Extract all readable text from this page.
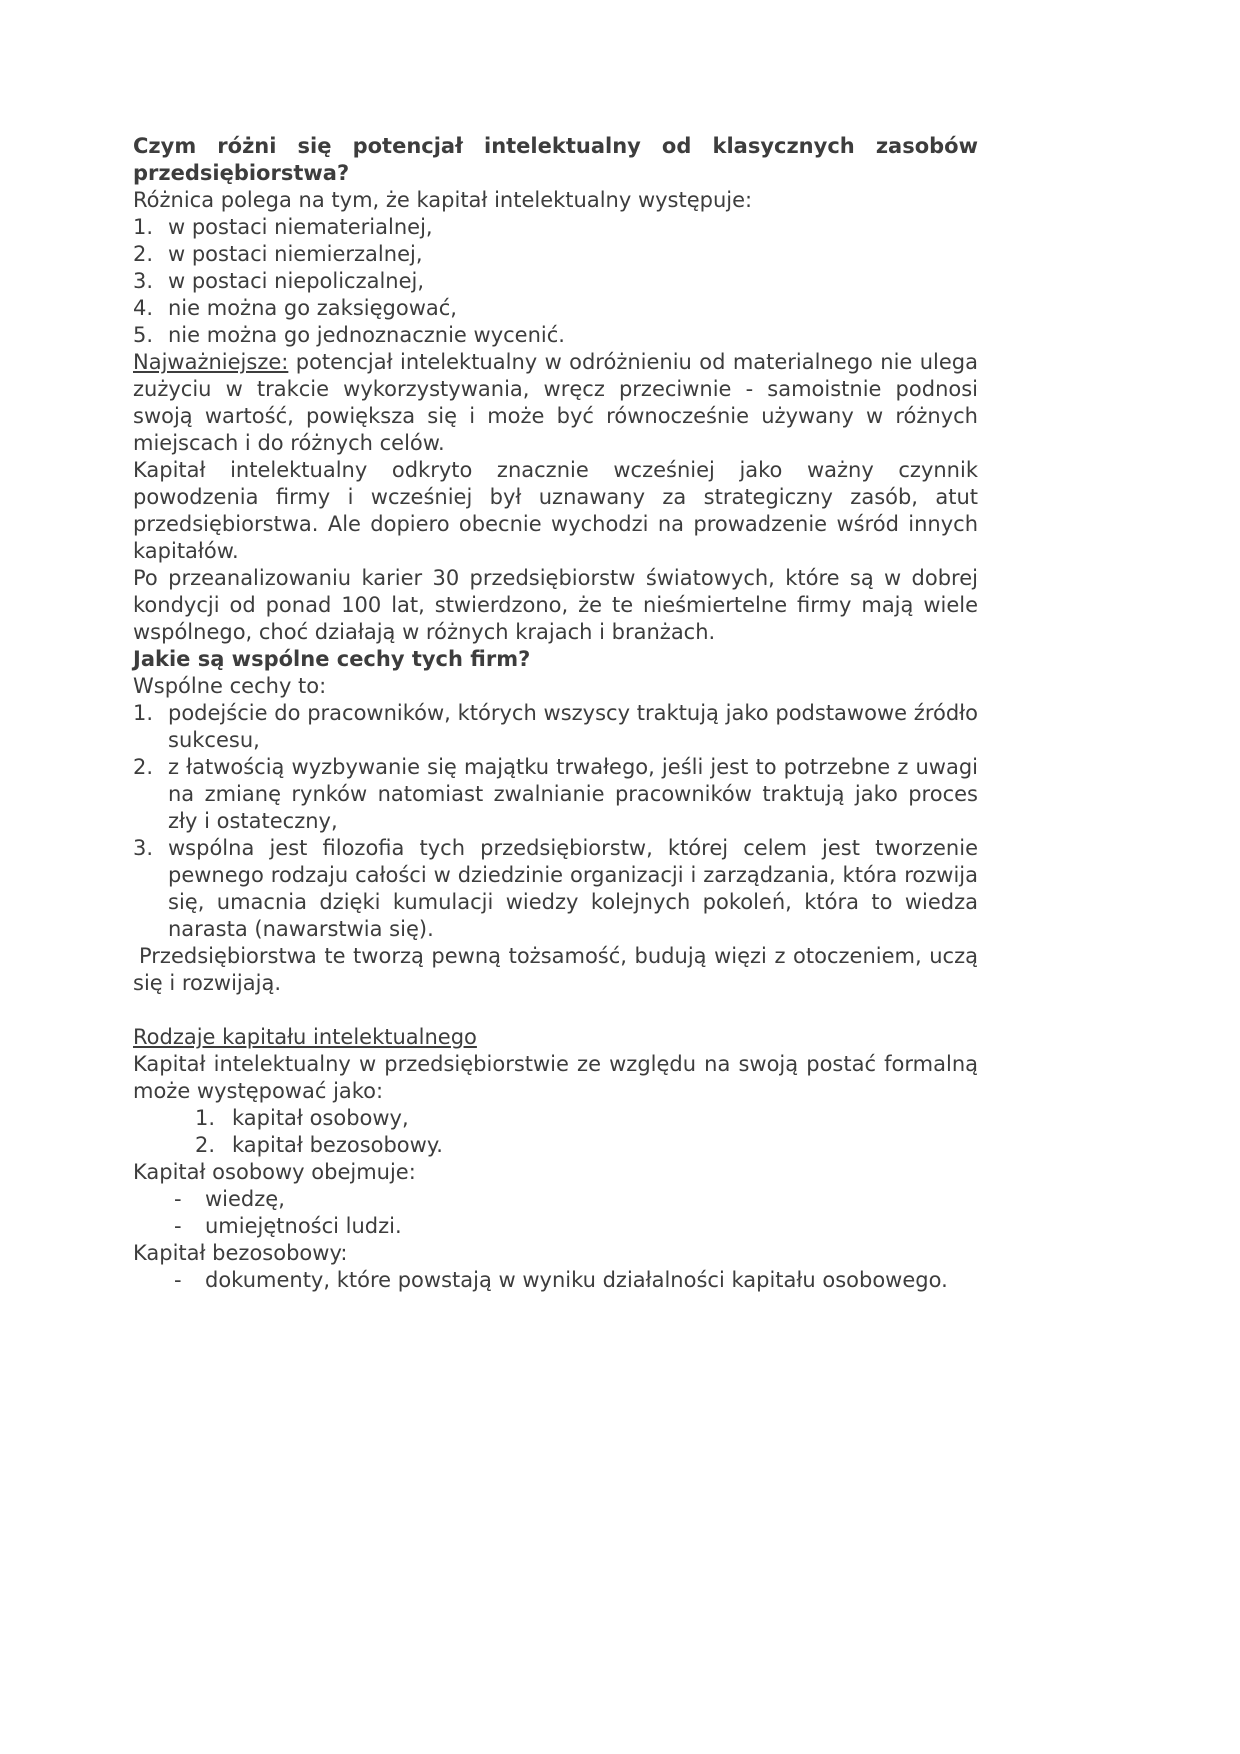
Czym różni się potencjał intelektualny od klasycznych zasobów przedsiębiorstwa?

Różnica polega na tym, że kapitał intelektualny występuje:

1. w postaci niematerialnej,
2. w postaci niemierzalnej,
3. w postaci niepoliczalnej,
4. nie można go zaksięgować,
5. nie można go jednoznacznie wycenić.

Najważniejsze: potencjał intelektualny w odróżnieniu od materialnego nie ulega zużyciu w trakcie wykorzystywania, wręcz przeciwnie - samoistnie podnosi swoją wartość, powiększa się i może być równocześnie używany w różnych miejscach i do różnych celów.

Kapitał intelektualny odkryto znacznie wcześniej jako ważny czynnik powodzenia firmy i wcześniej był uznawany za strategiczny zasób, atut przedsiębiorstwa. Ale dopiero obecnie wychodzi na prowadzenie wśród innych kapitałów.

Po przeanalizowaniu karier 30 przedsiębiorstw światowych, które są w dobrej kondycji od ponad 100 lat, stwierdzono, że te nieśmiertelne firmy mają wiele wspólnego, choć działają w różnych krajach i branżach.

Jakie są wspólne cechy tych firm?

Wspólne cechy to:

1. podejście do pracowników, których wszyscy traktują jako podstawowe źródło sukcesu,
2. z łatwością wyzbywanie się majątku trwałego, jeśli jest to potrzebne z uwagi na zmianę rynków natomiast zwalnianie pracowników traktują jako proces zły i ostateczny,
3. wspólna jest filozofia tych przedsiębiorstw, której celem jest tworzenie pewnego rodzaju całości w dziedzinie organizacji i zarządzania, która rozwija się, umacnia dzięki kumulacji wiedzy kolejnych pokoleń, która to wiedza narasta (nawarstwia się).

Przedsiębiorstwa te tworzą pewną tożsamość, budują więzi z otoczeniem, uczą się i rozwijają.

Rodzaje kapitału intelektualnego

Kapitał intelektualny w przedsiębiorstwie ze względu na swoją postać formalną może występować jako:

1. kapitał osobowy,
2. kapitał bezosobowy.

Kapitał osobowy obejmuje:

- wiedzę,
- umiejętności ludzi.

Kapitał bezosobowy:

- dokumenty, które powstają w wyniku działalności kapitału osobowego.
